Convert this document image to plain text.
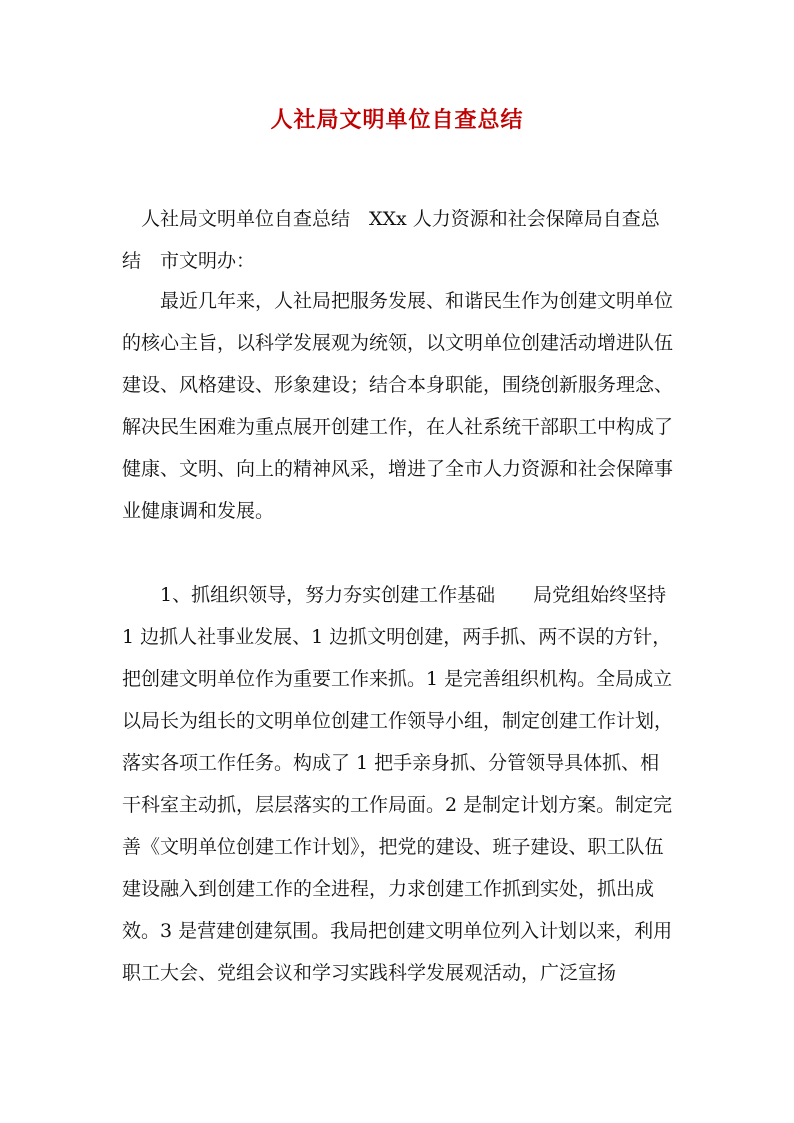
人社局文明单位自查总结

人社局文明单位自查总结　XXx 人力资源和社会保障局自查总结　市文明办：

最近几年来，人社局把服务发展、和谐民生作为创建文明单位的核心主旨，以科学发展观为统领，以文明单位创建活动增进队伍建设、风格建设、形象建设；结合本身职能，围绕创新服务理念、解决民生困难为重点展开创建工作，在人社系统干部职工中构成了健康、文明、向上的精神风采，增进了全市人力资源和社会保障事业健康调和发展。

1、抓组织领导，努力夯实创建工作基础　　局党组始终坚持 1 边抓人社事业发展、1 边抓文明创建，两手抓、两不误的方针，把创建文明单位作为重要工作来抓。1 是完善组织机构。全局成立以局长为组长的文明单位创建工作领导小组，制定创建工作计划，落实各项工作任务。构成了 1 把手亲身抓、分管领导具体抓、相干科室主动抓，层层落实的工作局面。2 是制定计划方案。制定完善《文明单位创建工作计划》，把党的建设、班子建设、职工队伍建设融入到创建工作的全进程，力求创建工作抓到实处，抓出成效。3 是营建创建氛围。我局把创建文明单位列入计划以来，利用职工大会、党组会议和学习实践科学发展观活动，广泛宣扬
